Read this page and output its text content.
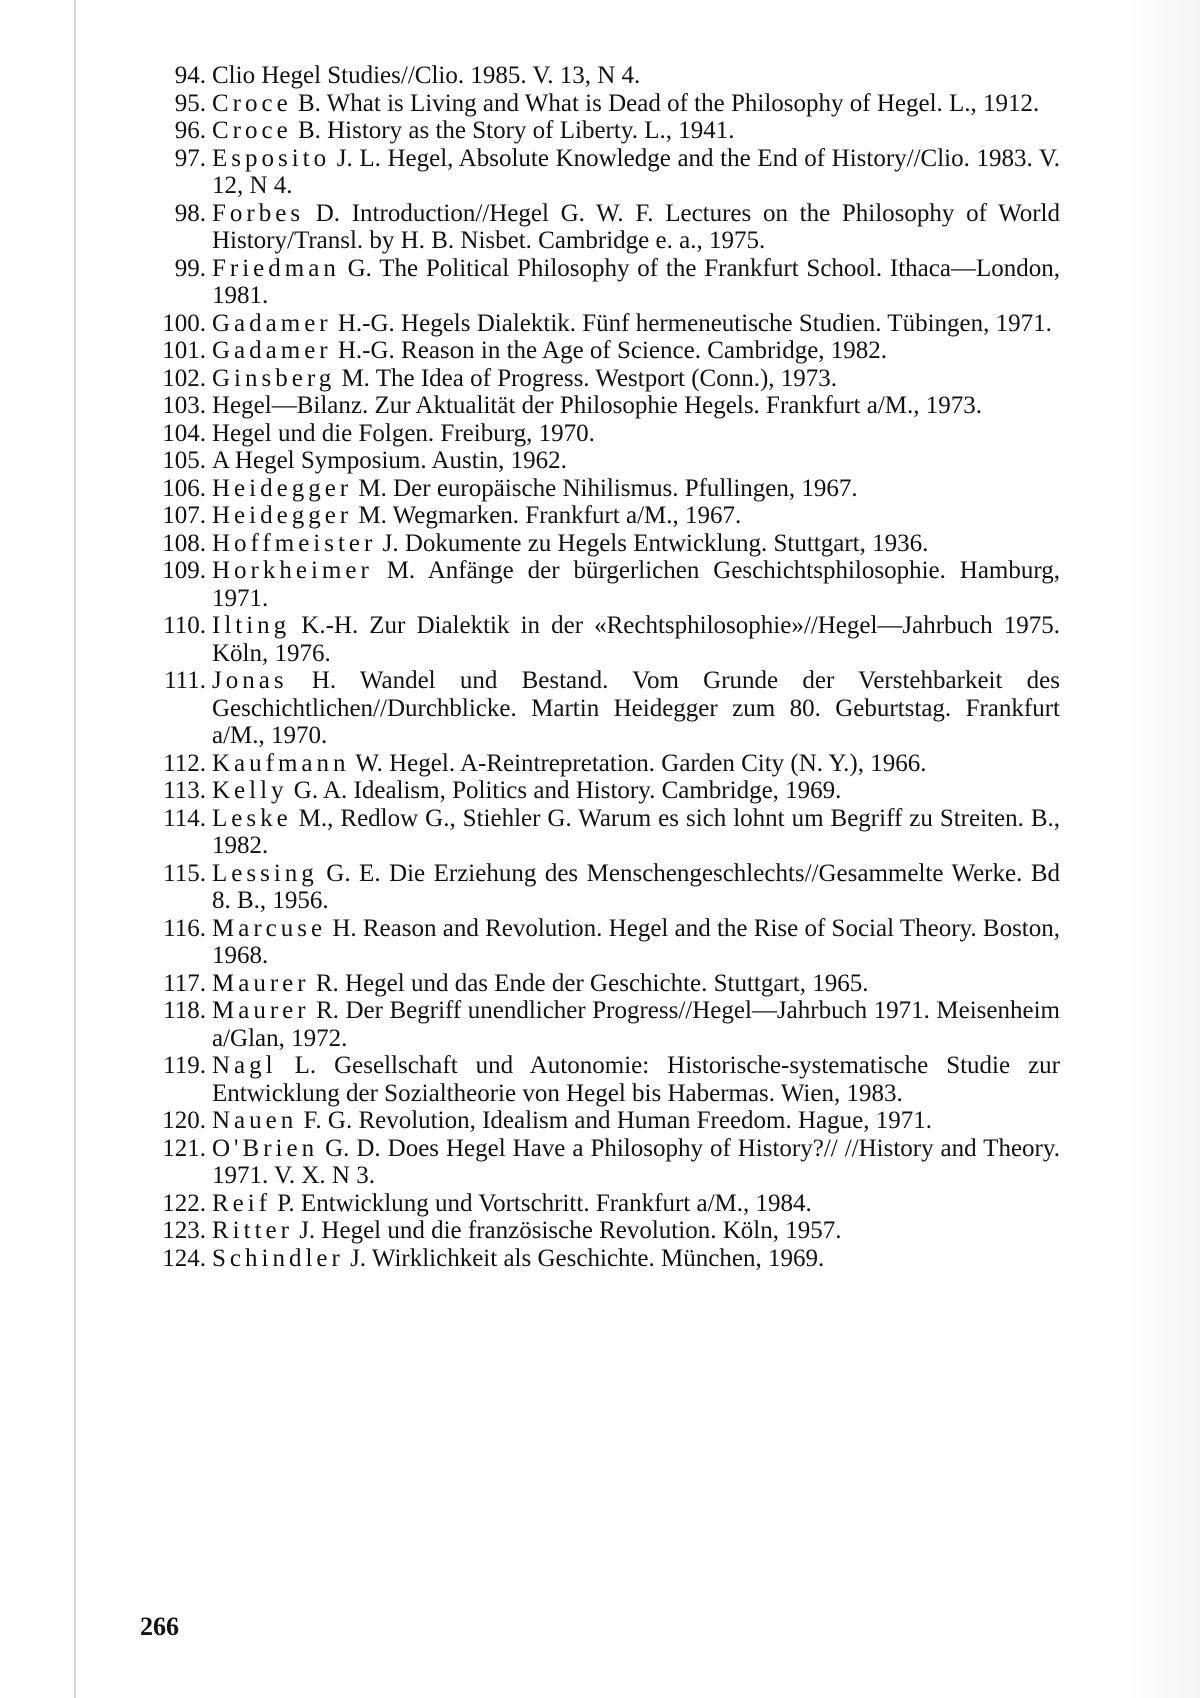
94. Clio Hegel Studies//Clio. 1985. V. 13, N 4.
95. Croce B. What is Living and What is Dead of the Philosophy of Hegel. L., 1912.
96. Croce B. History as the Story of Liberty. L., 1941.
97. Esposito J. L. Hegel, Absolute Knowledge and the End of History//Clio. 1983. V. 12, N 4.
98. Forbes D. Introduction//Hegel G. W. F. Lectures on the Philosophy of World History/Transl. by H. B. Nisbet. Cambridge e. a., 1975.
99. Friedman G. The Political Philosophy of the Frankfurt School. Ithaca—London, 1981.
100. Gadamer H.-G. Hegels Dialektik. Fünf hermeneutische Studien. Tübingen, 1971.
101. Gadamer H.-G. Reason in the Age of Science. Cambridge, 1982.
102. Ginsberg M. The Idea of Progress. Westport (Conn.), 1973.
103. Hegel—Bilanz. Zur Aktualität der Philosophie Hegels. Frankfurt a/M., 1973.
104. Hegel und die Folgen. Freiburg, 1970.
105. A Hegel Symposium. Austin, 1962.
106. Heidegger M. Der europäische Nihilismus. Pfullingen, 1967.
107. Heidegger M. Wegmarken. Frankfurt a/M., 1967.
108. Hoffmeister J. Dokumente zu Hegels Entwicklung. Stuttgart, 1936.
109. Horkheimer M. Anfänge der bürgerlichen Geschichtsphilosophie. Hamburg, 1971.
110. Ilting K.-H. Zur Dialektik in der «Rechtsphilosophie»//Hegel—Jahrbuch 1975. Köln, 1976.
111. Jonas H. Wandel und Bestand. Vom Grunde der Verstehbarkeit des Geschichtlichen//Durchblicke. Martin Heidegger zum 80. Geburtstag. Frankfurt a/M., 1970.
112. Kaufmann W. Hegel. A-Reintrepretation. Garden City (N. Y.), 1966.
113. Kelly G. A. Idealism, Politics and History. Cambridge, 1969.
114. Leske M., Redlow G., Stiehler G. Warum es sich lohnt um Begriff zu Streiten. B., 1982.
115. Lessing G. E. Die Erziehung des Menschengeschlechts//Gesammelte Werke. Bd 8. B., 1956.
116. Marcuse H. Reason and Revolution. Hegel and the Rise of Social Theory. Boston, 1968.
117. Maurer R. Hegel und das Ende der Geschichte. Stuttgart, 1965.
118. Maurer R. Der Begriff unendlicher Progress//Hegel—Jahrbuch 1971. Meisenheim a/Glan, 1972.
119. Nagl L. Gesellschaft und Autonomie: Historische-systematische Studie zur Entwicklung der Sozialtheorie von Hegel bis Habermas. Wien, 1983.
120. Nauen F. G. Revolution, Idealism and Human Freedom. Hague, 1971.
121. O'Brien G. D. Does Hegel Have a Philosophy of History?// //History and Theory. 1971. V. X. N 3.
122. Reif P. Entwicklung und Vortschritt. Frankfurt a/M., 1984.
123. Ritter J. Hegel und die französische Revolution. Köln, 1957.
124. Schindler J. Wirklichkeit als Geschichte. München, 1969.
266
